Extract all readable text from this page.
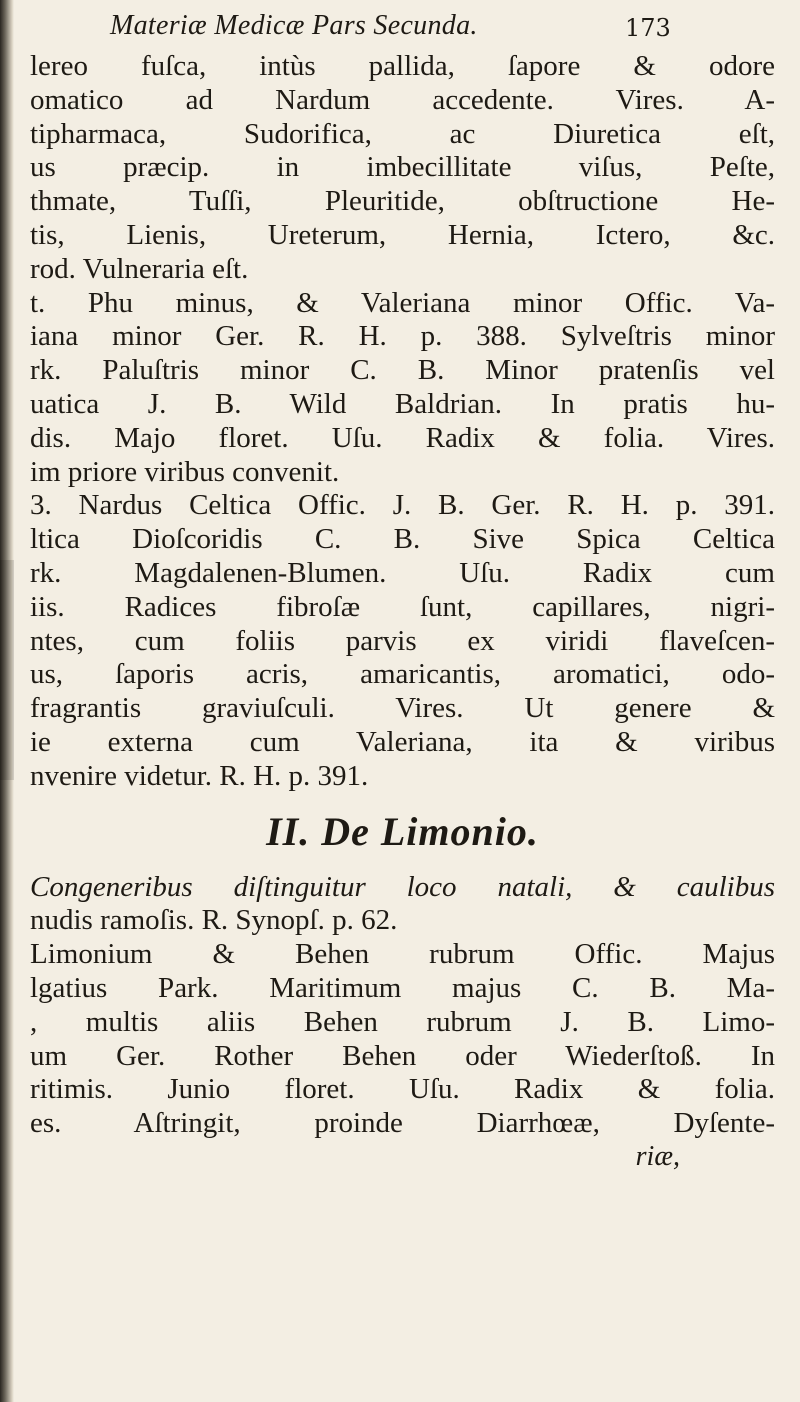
Materiæ Medicæ Pars Secunda.	173
lereo fuſca, intùs pallida, ſapore & odore
omatico ad Nardum accedente. Vires. A-
tipharmaca, Sudorifica, ac Diuretica eſt,
us præcip. in imbecillitate viſus, Peſte,
thmate, Tuſſi, Pleuritide, obſtructione He-
tis, Lienis, Ureterum, Hernia, Ictero, &c.
rod. Vulneraria eſt.
t. Phu minus, & Valeriana minor Offic. Va-
iana minor Ger. R. H. p. 388. Sylveſtris minor
rk. Paluſtris minor C. B. Minor pratenſis vel
uatica J. B. Wild Baldrian. In pratis hu-
dis. Majo floret. Uſu. Radix & folia. Vires.
im priore viribus convenit.
3. Nardus Celtica Offic. J. B. Ger. R. H. p. 391.
ltica Dioſcoridis C. B. Sive Spica Celtica
rk. Magdalenen-Blumen. Uſu. Radix cum
iis. Radices fibroſæ ſunt, capillares, nigri-
ntes, cum foliis parvis ex viridi flaveſcen-
us, ſaporis acris, amaricantis, aromatici, odo-
fragrantis graviuſculi. Vires. Ut genere &
ie externa cum Valeriana, ita & viribus
nvenire videtur. R. H. p. 391.
II. De Limonio.
Congeneribus diſtinguitur loco natali, & caulibus
nudis ramoſis. R. Synopſ. p. 62.
Limonium & Behen rubrum Offic. Majus
lgatius Park. Maritimum majus C. B. Ma-
, multis aliis Behen rubrum J. B. Limo-
um Ger. Rother Behen oder Wiederſtoß. In
ritimis. Junio floret. Uſu. Radix & folia.
es. Aſtringit, proinde Diarrhœæ, Dyſente-
riæ,
